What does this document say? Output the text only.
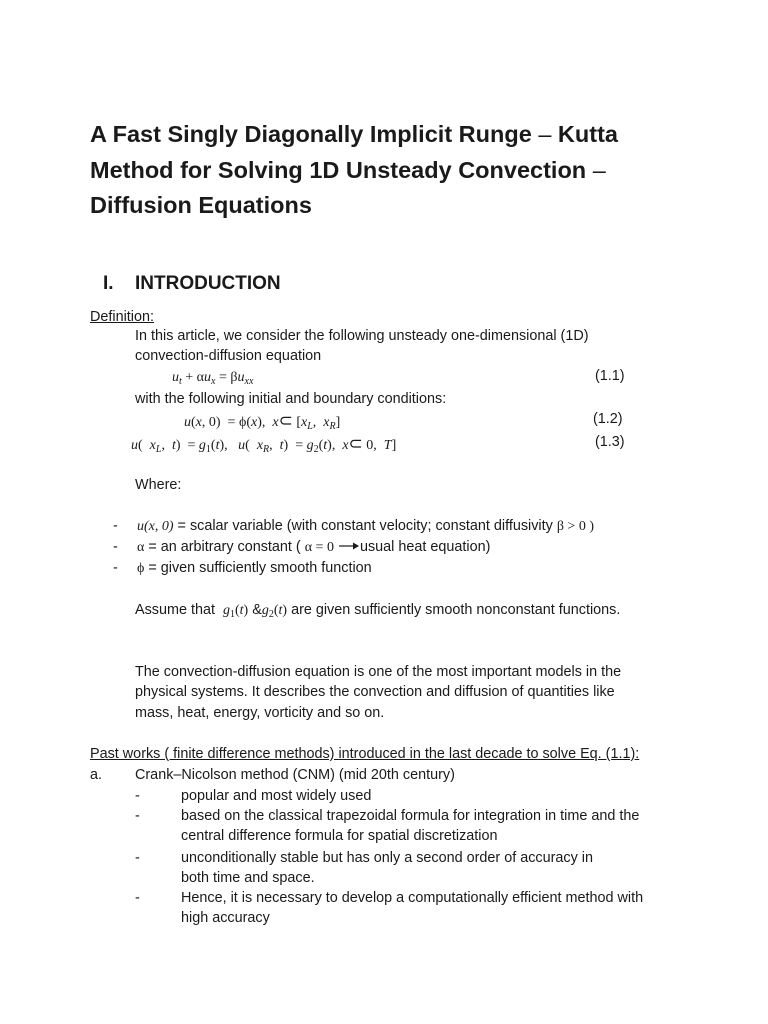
A Fast Singly Diagonally Implicit Runge – Kutta
Method for Solving 1D Unsteady Convection –
Diffusion Equations
I. INTRODUCTION
Definition:
In this article, we consider the following unsteady one-dimensional (1D)
convection-diffusion equation
$u_t + \alpha u_x = \beta u_{xx}$	(1.1)
with the following initial and boundary conditions:
u(x, 0)  = ϕ(x),  x⊂ [$x_L$,  $x_R$]	(1.2)
u(  $x_L$,  t)  = g1(t),   u(  $x_R$,  t)  = g2(t),  x⊂ 0,  T]	(1.3)
Where:
- u(x, 0) = scalar variable (with constant velocity; constant diffusivity β > 0 )
- α = an arbitrary constant ( α = 0 usual heat equation)
- ϕ = given sufficiently smooth function
Assume that $g_1(t)$ $\&g_2(t)$ are given sufficiently smooth nonconstant functions.
The convection-diffusion equation is one of the most important models in the
physical systems. It describes the convection and diffusion of quantities like
mass, heat, energy, vorticity and so on.
Past works ( finite difference methods) introduced in the last decade to solve Eq. (1.1):
a. Crank–Nicolson method (CNM) (mid 20th century)
-	popular and most widely used
-	based on the classical trapezoidal formula for integration in time and the
central difference formula for spatial discretization
-	unconditionally stable but has only a second order of accuracy in
both time and space.
-	Hence, it is necessary to develop a computationally efficient method with
high accuracy
